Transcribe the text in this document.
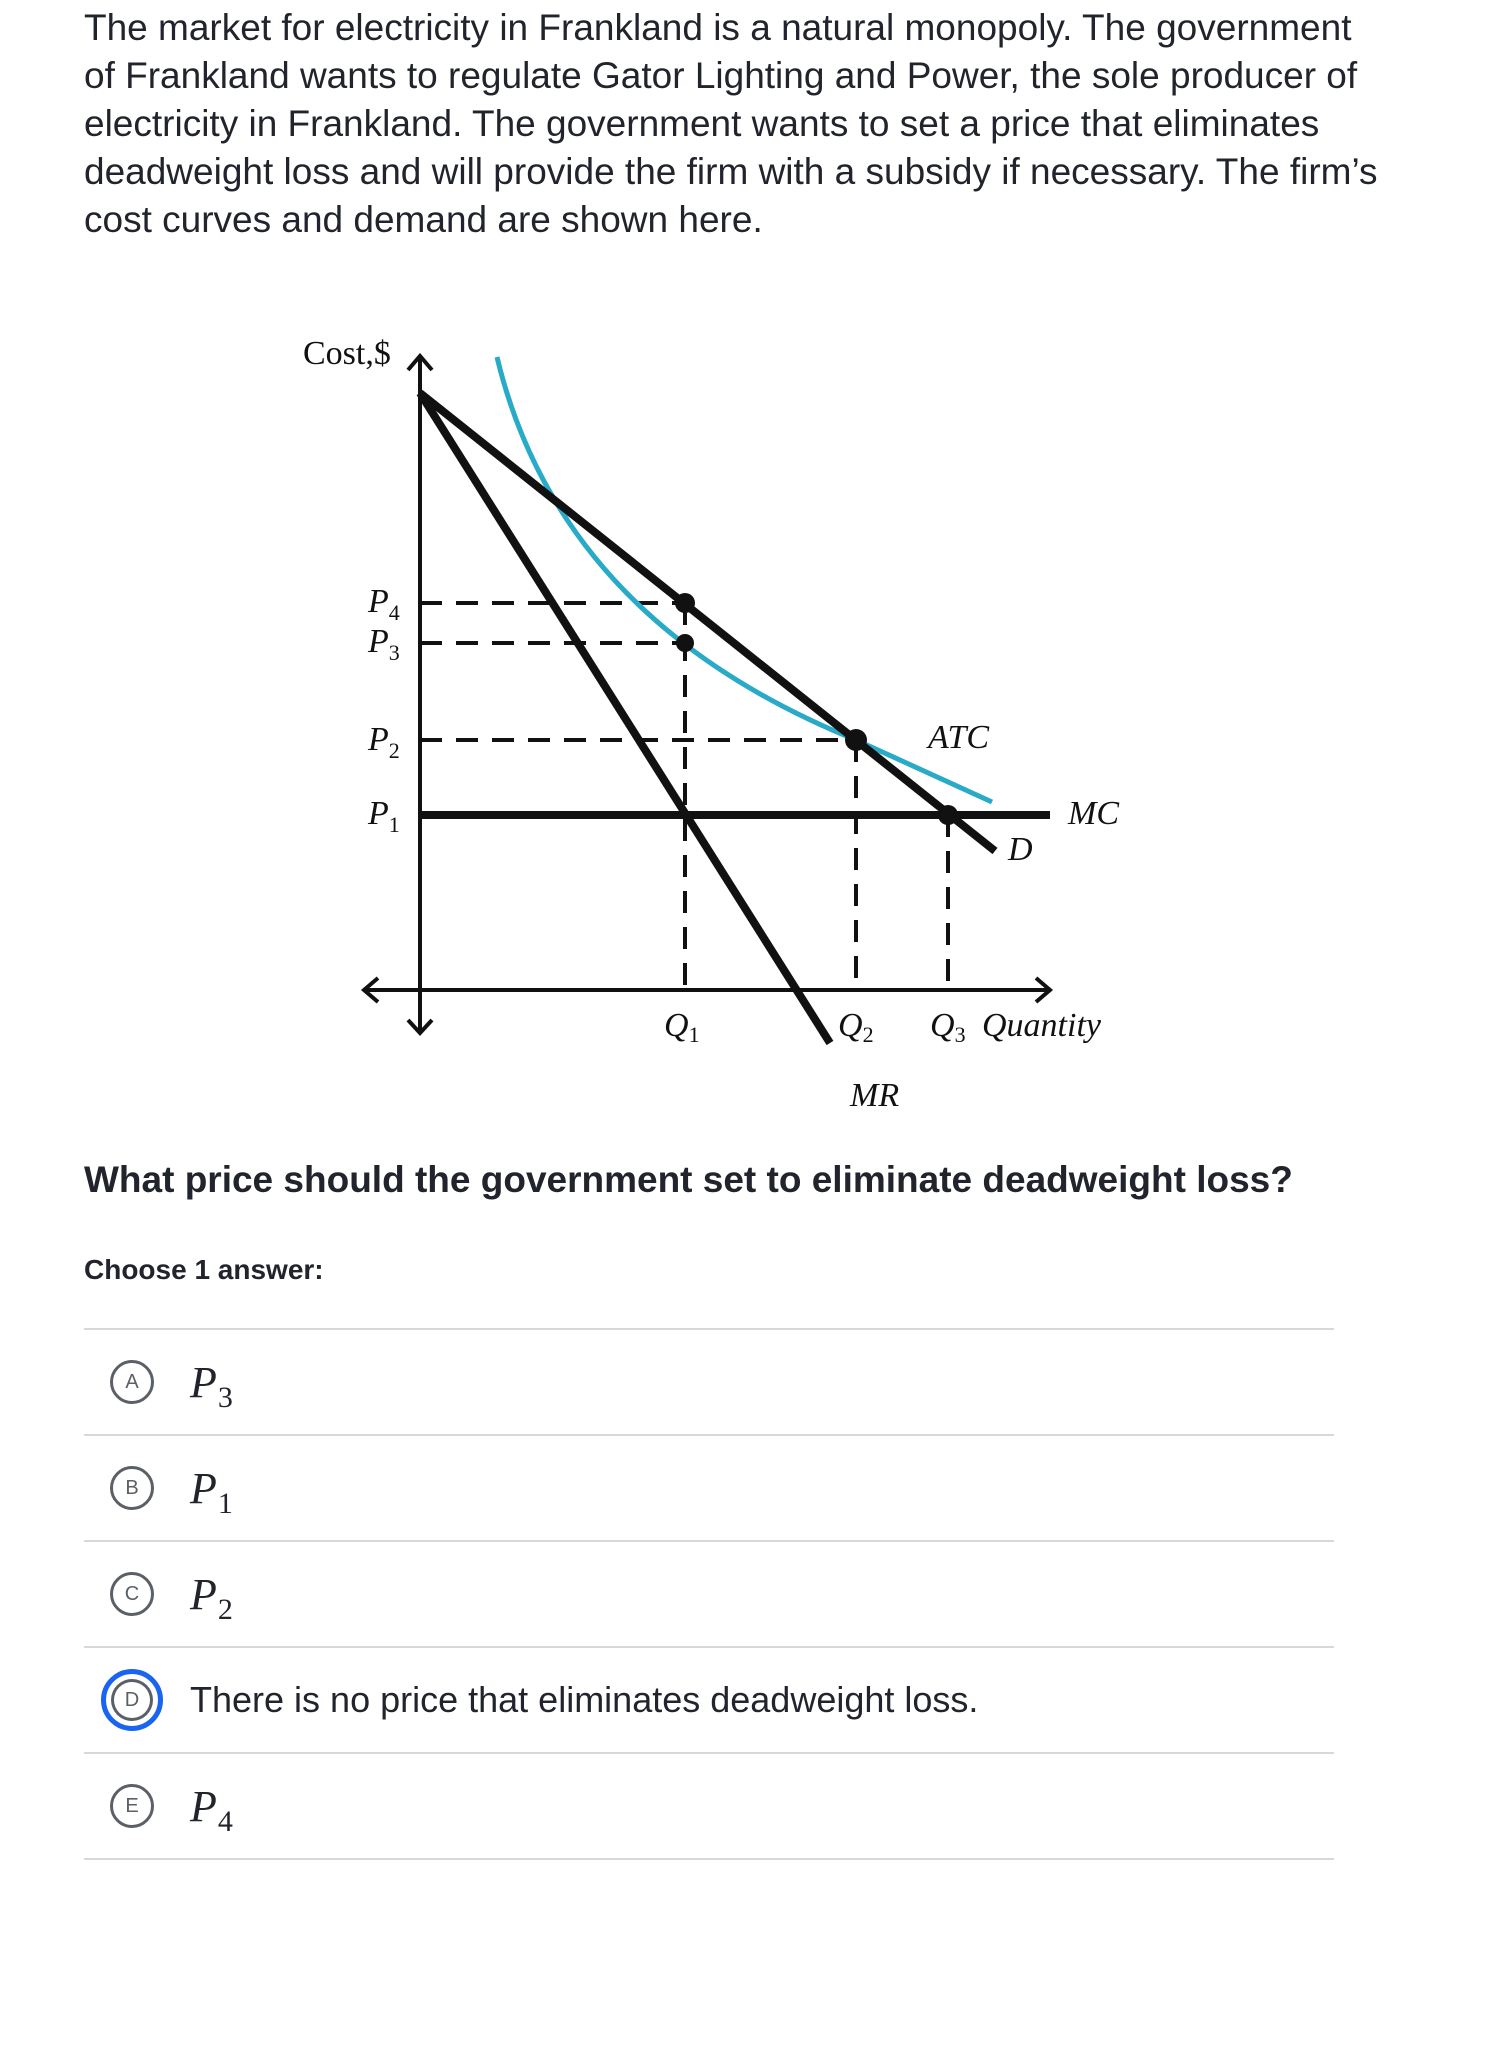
The market for electricity in Frankland is a natural monopoly. The government of Frankland wants to regulate Gator Lighting and Power, the sole producer of electricity in Frankland. The government wants to set a price that eliminates deadweight loss and will provide the firm with a subsidy if necessary. The firm’s cost curves and demand are shown here.

Cost,$
$P_4$
$P_3$
$P_2$
$P_1$
Q1	Q2 Q3 Quantity
ATC
MC
D
MR

What price should the government set to eliminate deadweight loss?

Choose 1 answer:

A	P 3
B	P 1
C	P 2
D	There is no price that eliminates deadweight loss.
E	P 4
